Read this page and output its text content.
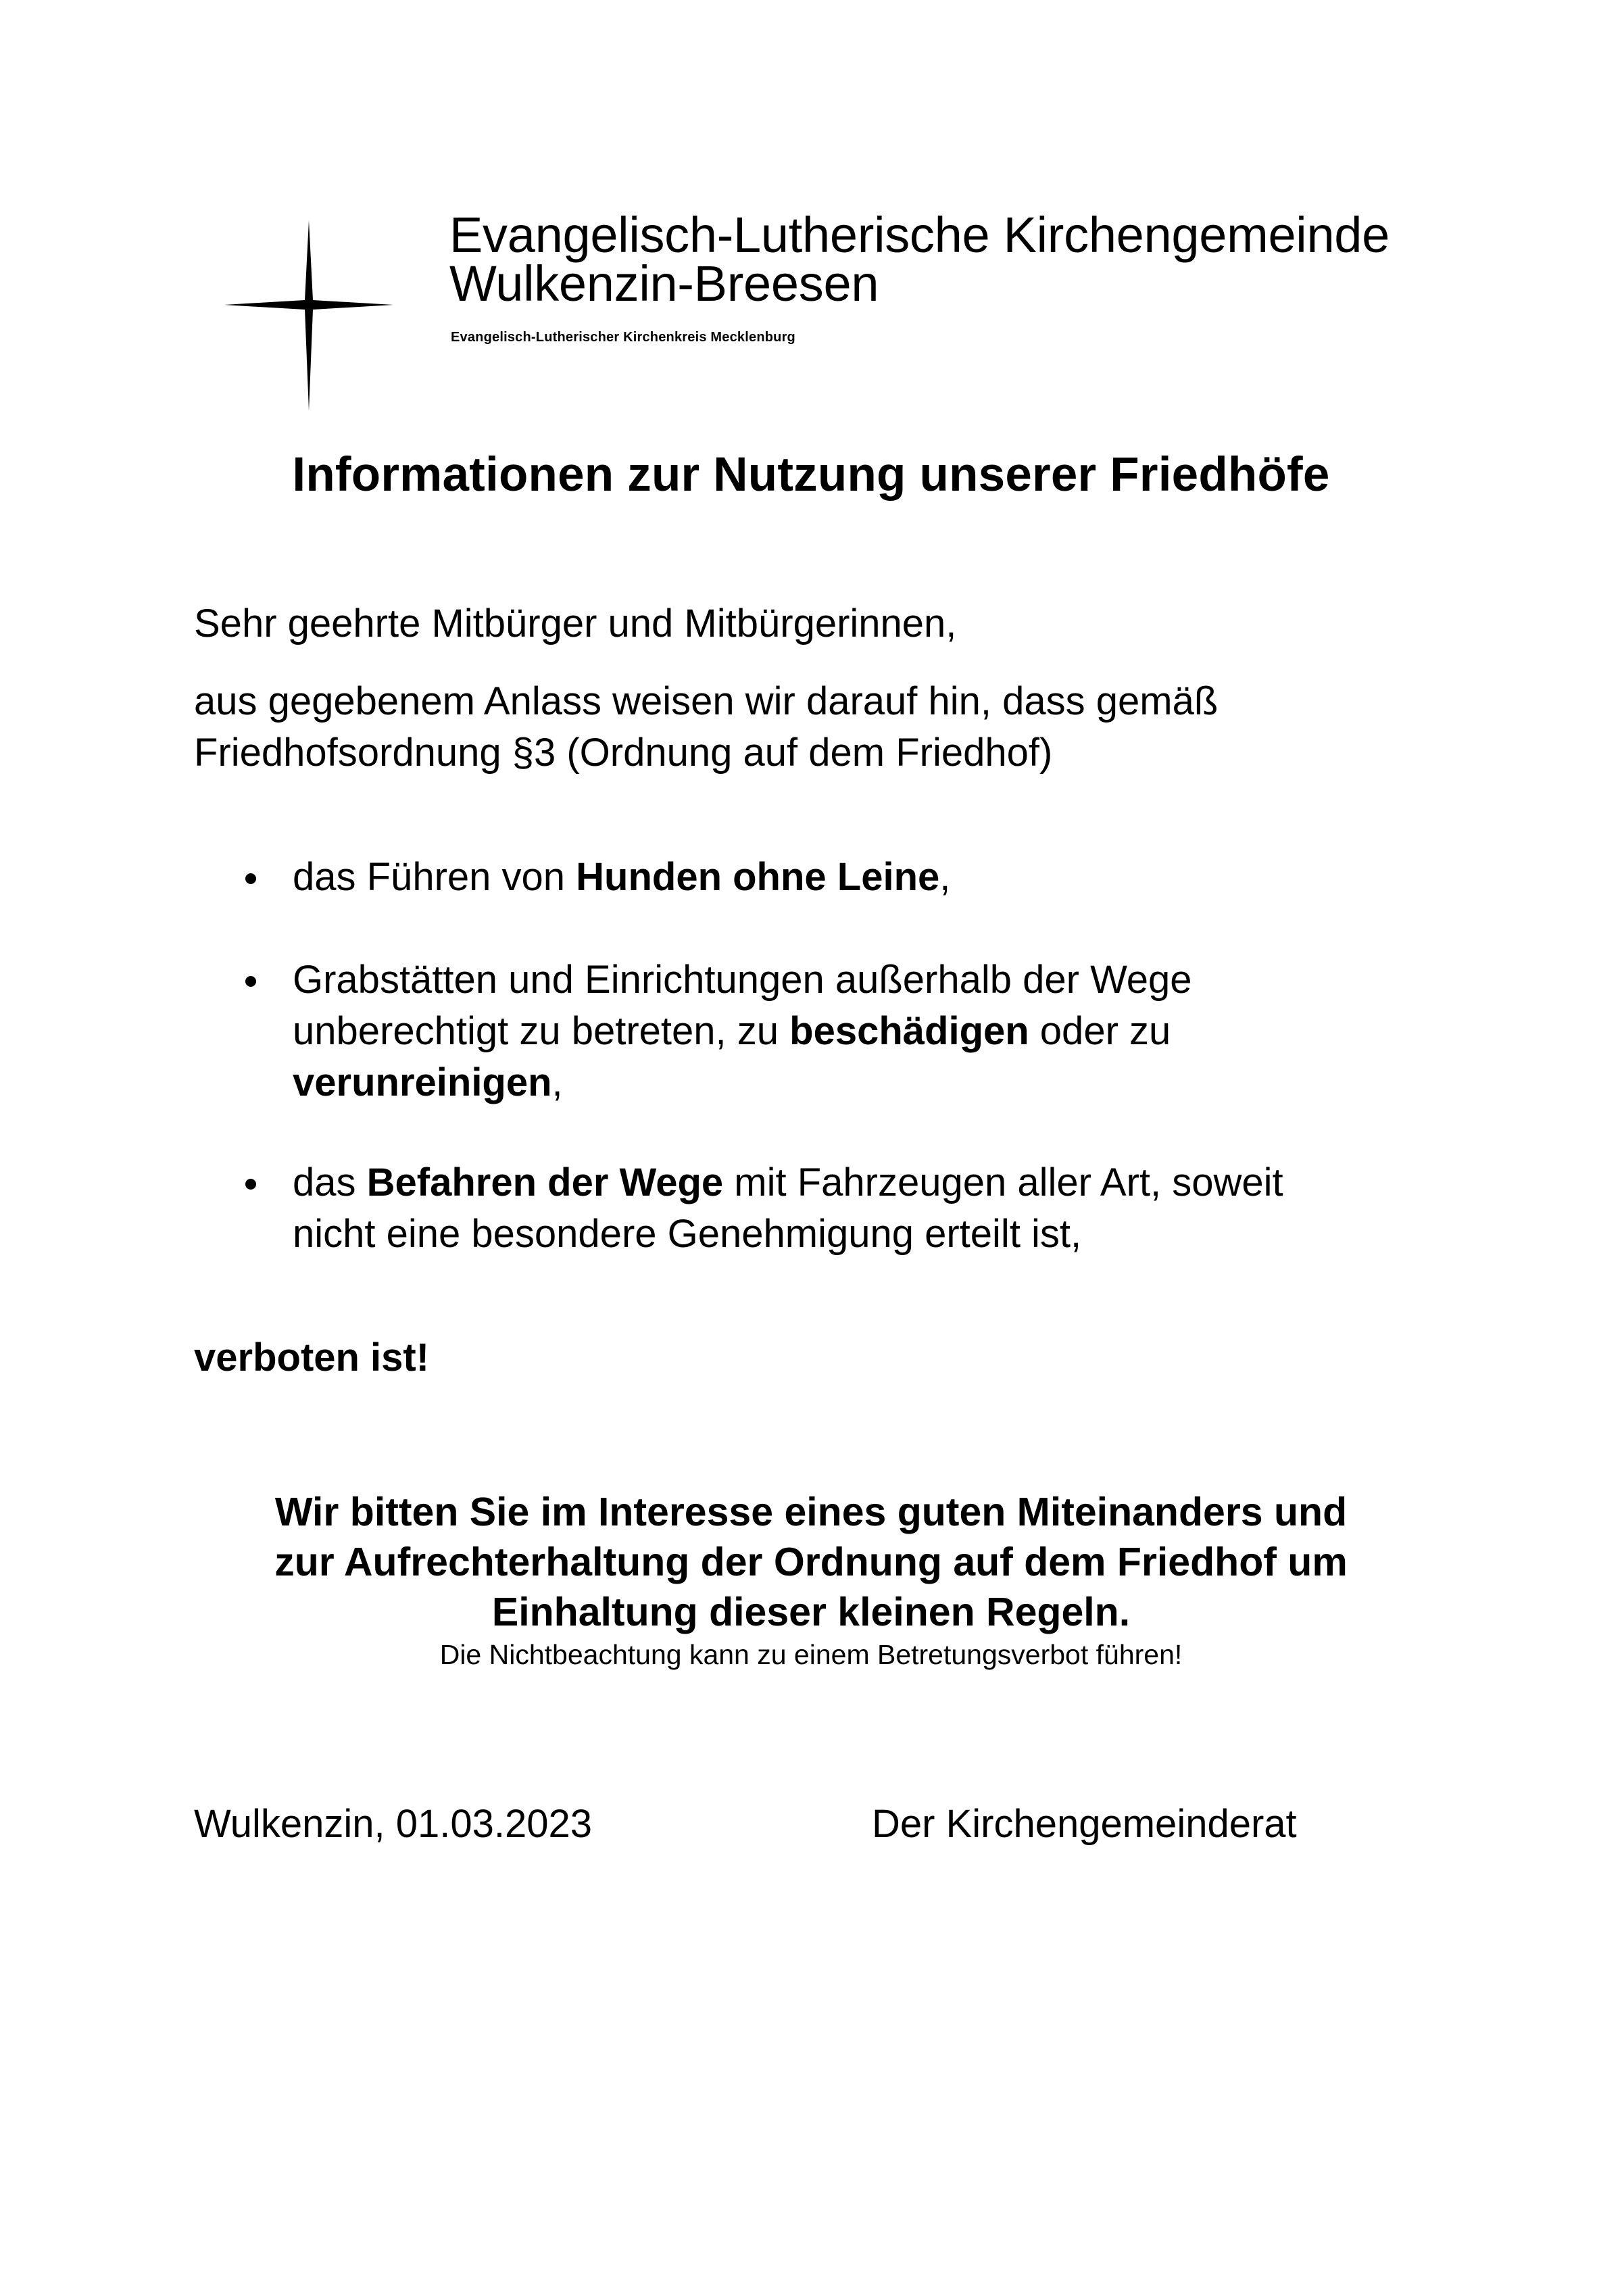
Evangelisch-Lutherische Kirchengemeinde
Wulkenzin-Breesen
Evangelisch-Lutherischer Kirchenkreis Mecklenburg
Informationen zur Nutzung unserer Friedhöfe
Sehr geehrte Mitbürger und Mitbürgerinnen,
aus gegebenem Anlass weisen wir darauf hin, dass gemäß
Friedhofsordnung §3 (Ordnung auf dem Friedhof)
das Führen von Hunden ohne Leine,
Grabstätten und Einrichtungen außerhalb der Wege
unberechtigt zu betreten, zu beschädigen oder zu
verunreinigen,
das Befahren der Wege mit Fahrzeugen aller Art, soweit
nicht eine besondere Genehmigung erteilt ist,
verboten ist!
Wir bitten Sie im Interesse eines guten Miteinanders und
zur Aufrechterhaltung der Ordnung auf dem Friedhof um
Einhaltung dieser kleinen Regeln.
Die Nichtbeachtung kann zu einem Betretungsverbot führen!
Wulkenzin, 01.03.2023	Der Kirchengemeinderat
